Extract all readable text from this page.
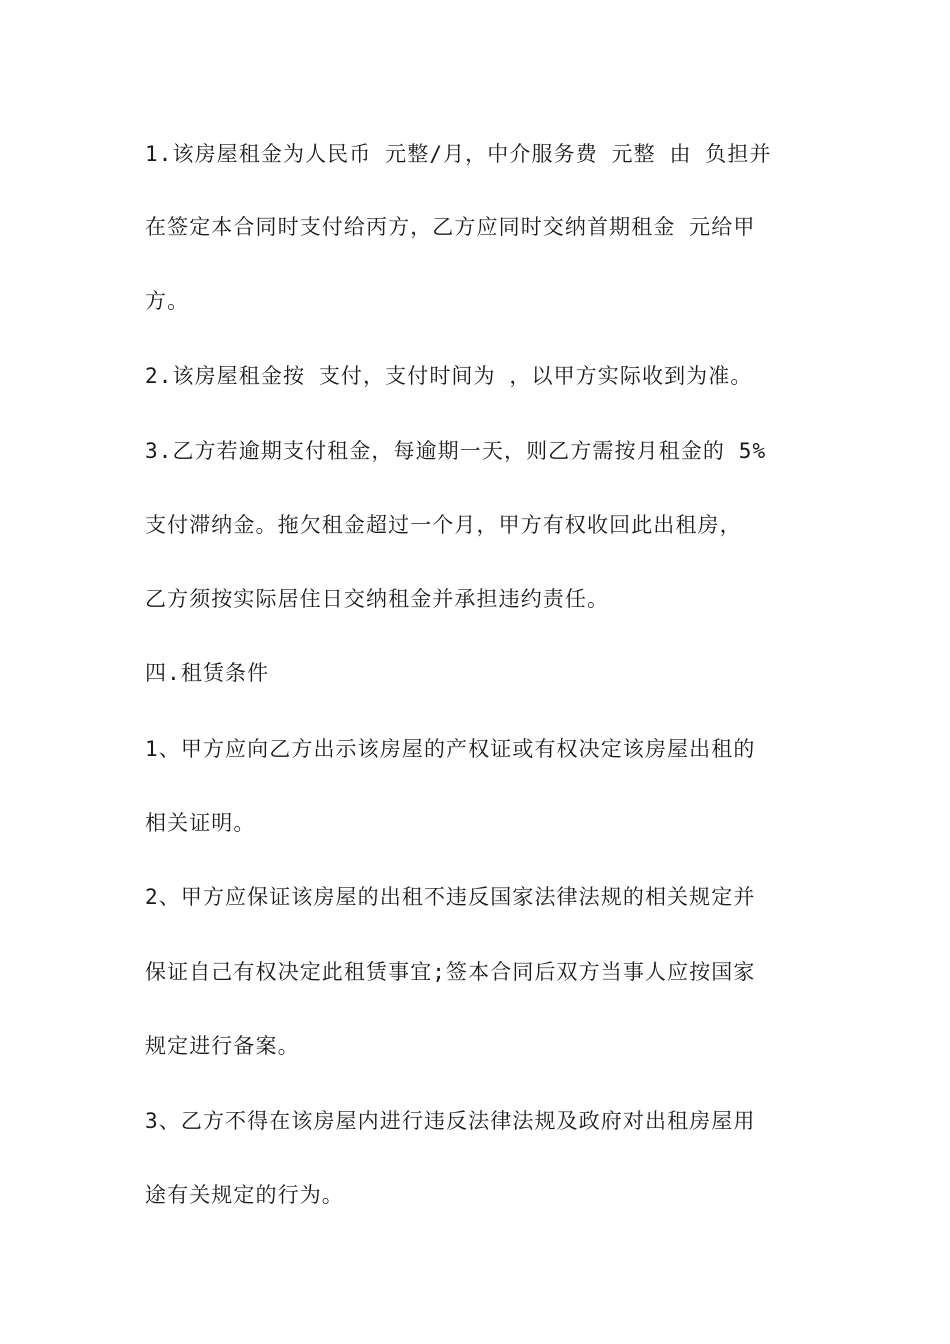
1.该房屋租金为人民币 元整/月，中介服务费 元整 由 负担并
在签定本合同时支付给丙方，乙方应同时交纳首期租金 元给甲
方。
2.该房屋租金按 支付，支付时间为 ，以甲方实际收到为准。
3.乙方若逾期支付租金，每逾期一天，则乙方需按月租金的 5%
支付滞纳金。拖欠租金超过一个月，甲方有权收回此出租房，
乙方须按实际居住日交纳租金并承担违约责任。
四.租赁条件
1、甲方应向乙方出示该房屋的产权证或有权决定该房屋出租的
相关证明。
2、甲方应保证该房屋的出租不违反国家法律法规的相关规定并
保证自己有权决定此租赁事宜;签本合同后双方当事人应按国家
规定进行备案。
3、乙方不得在该房屋内进行违反法律法规及政府对出租房屋用
途有关规定的行为。
